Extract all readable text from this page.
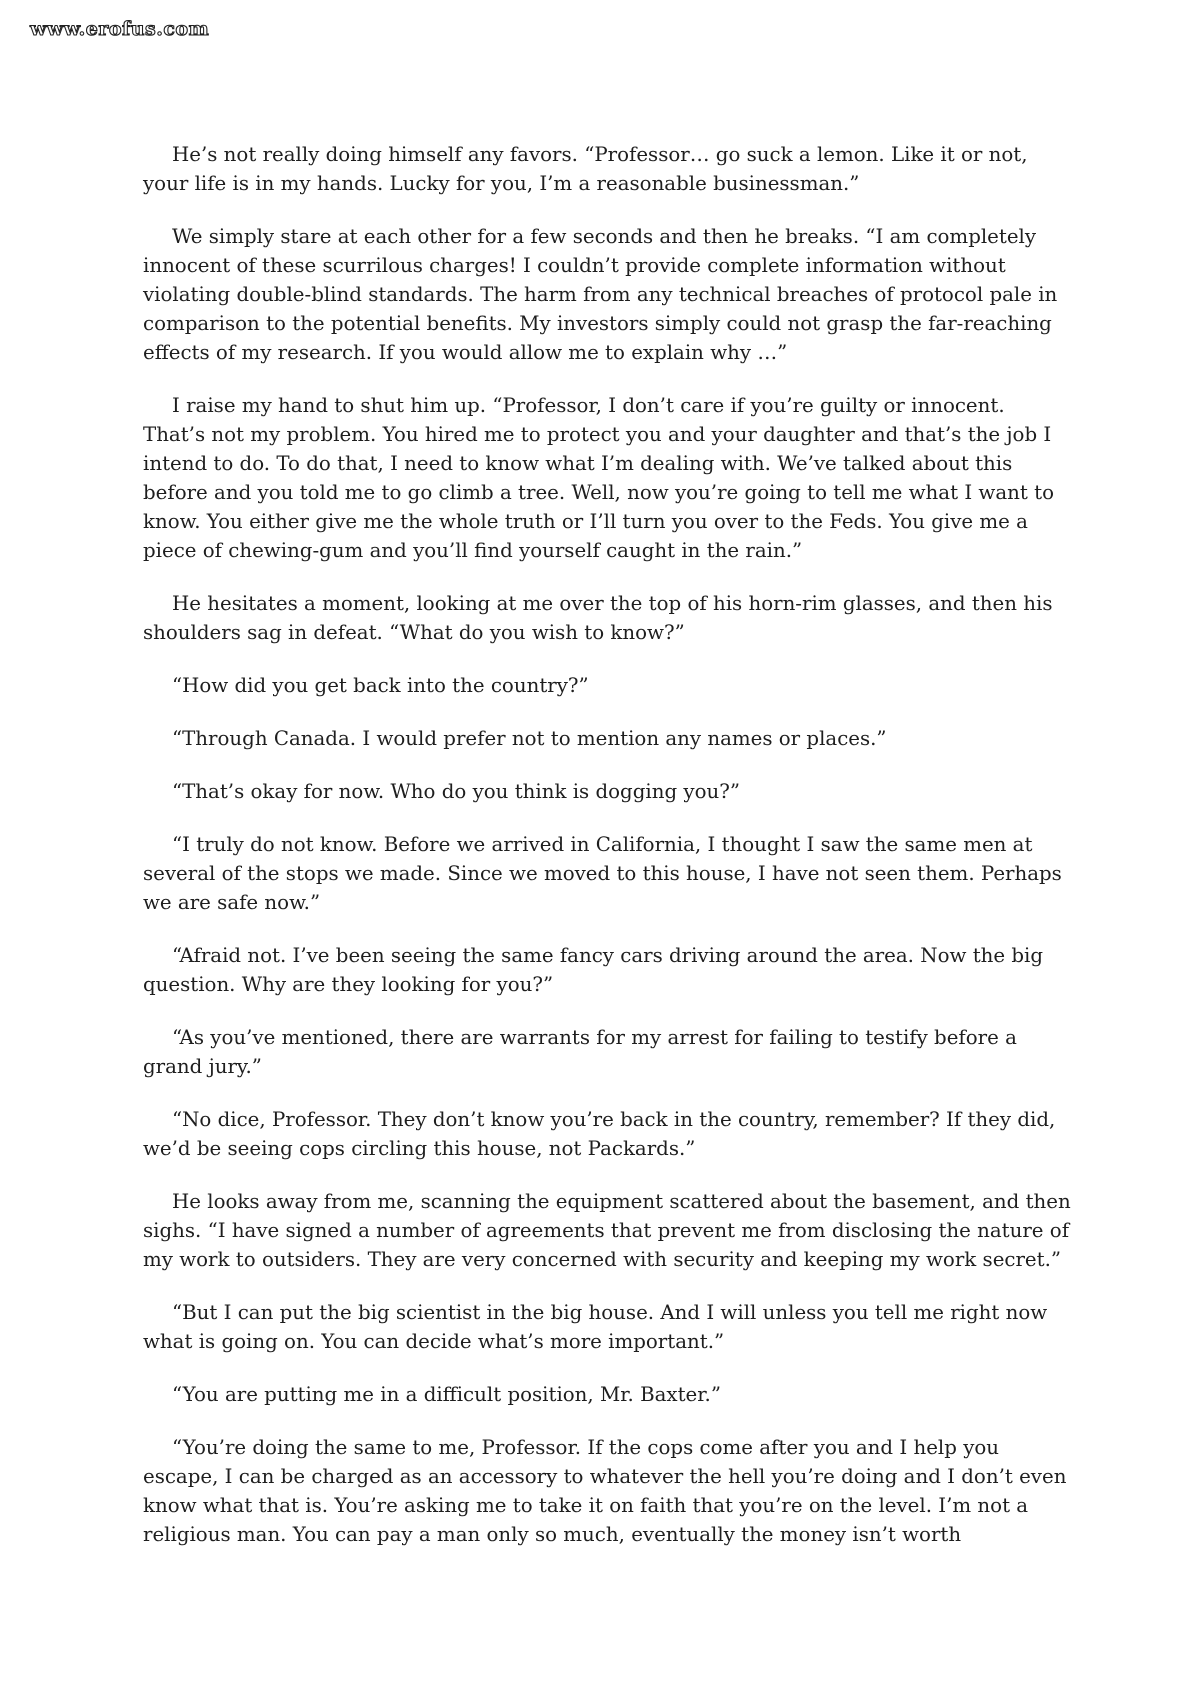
www.erofus.com

He’s not really doing himself any favors. “Professor… go suck a lemon. Like it or not, your life is in my hands. Lucky for you, I’m a reasonable businessman.”

We simply stare at each other for a few seconds and then he breaks. “I am completely innocent of these scurrilous charges! I couldn’t provide complete information without violating double-blind standards. The harm from any technical breaches of protocol pale in comparison to the potential benefits. My investors simply could not grasp the far-reaching effects of my research. If you would allow me to explain why …”

I raise my hand to shut him up. “Professor, I don’t care if you’re guilty or innocent. That’s not my problem. You hired me to protect you and your daughter and that’s the job I intend to do. To do that, I need to know what I’m dealing with. We’ve talked about this before and you told me to go climb a tree. Well, now you’re going to tell me what I want to know. You either give me the whole truth or I’ll turn you over to the Feds. You give me a piece of chewing-gum and you’ll find yourself caught in the rain.”

He hesitates a moment, looking at me over the top of his horn-rim glasses, and then his shoulders sag in defeat. “What do you wish to know?”

“How did you get back into the country?”

“Through Canada. I would prefer not to mention any names or places.”

“That’s okay for now. Who do you think is dogging you?”

“I truly do not know. Before we arrived in California, I thought I saw the same men at several of the stops we made. Since we moved to this house, I have not seen them. Perhaps we are safe now.”

“Afraid not. I’ve been seeing the same fancy cars driving around the area. Now the big question. Why are they looking for you?”

“As you’ve mentioned, there are warrants for my arrest for failing to testify before a grand jury.”

“No dice, Professor. They don’t know you’re back in the country, remember? If they did, we’d be seeing cops circling this house, not Packards.”

He looks away from me, scanning the equipment scattered about the basement, and then sighs. “I have signed a number of agreements that prevent me from disclosing the nature of my work to outsiders. They are very concerned with security and keeping my work secret.”

“But I can put the big scientist in the big house. And I will unless you tell me right now what is going on. You can decide what’s more important.”

“You are putting me in a difficult position, Mr. Baxter.”

“You’re doing the same to me, Professor. If the cops come after you and I help you escape, I can be charged as an accessory to whatever the hell you’re doing and I don’t even know what that is. You’re asking me to take it on faith that you’re on the level. I’m not a religious man. You can pay a man only so much, eventually the money isn’t worth
